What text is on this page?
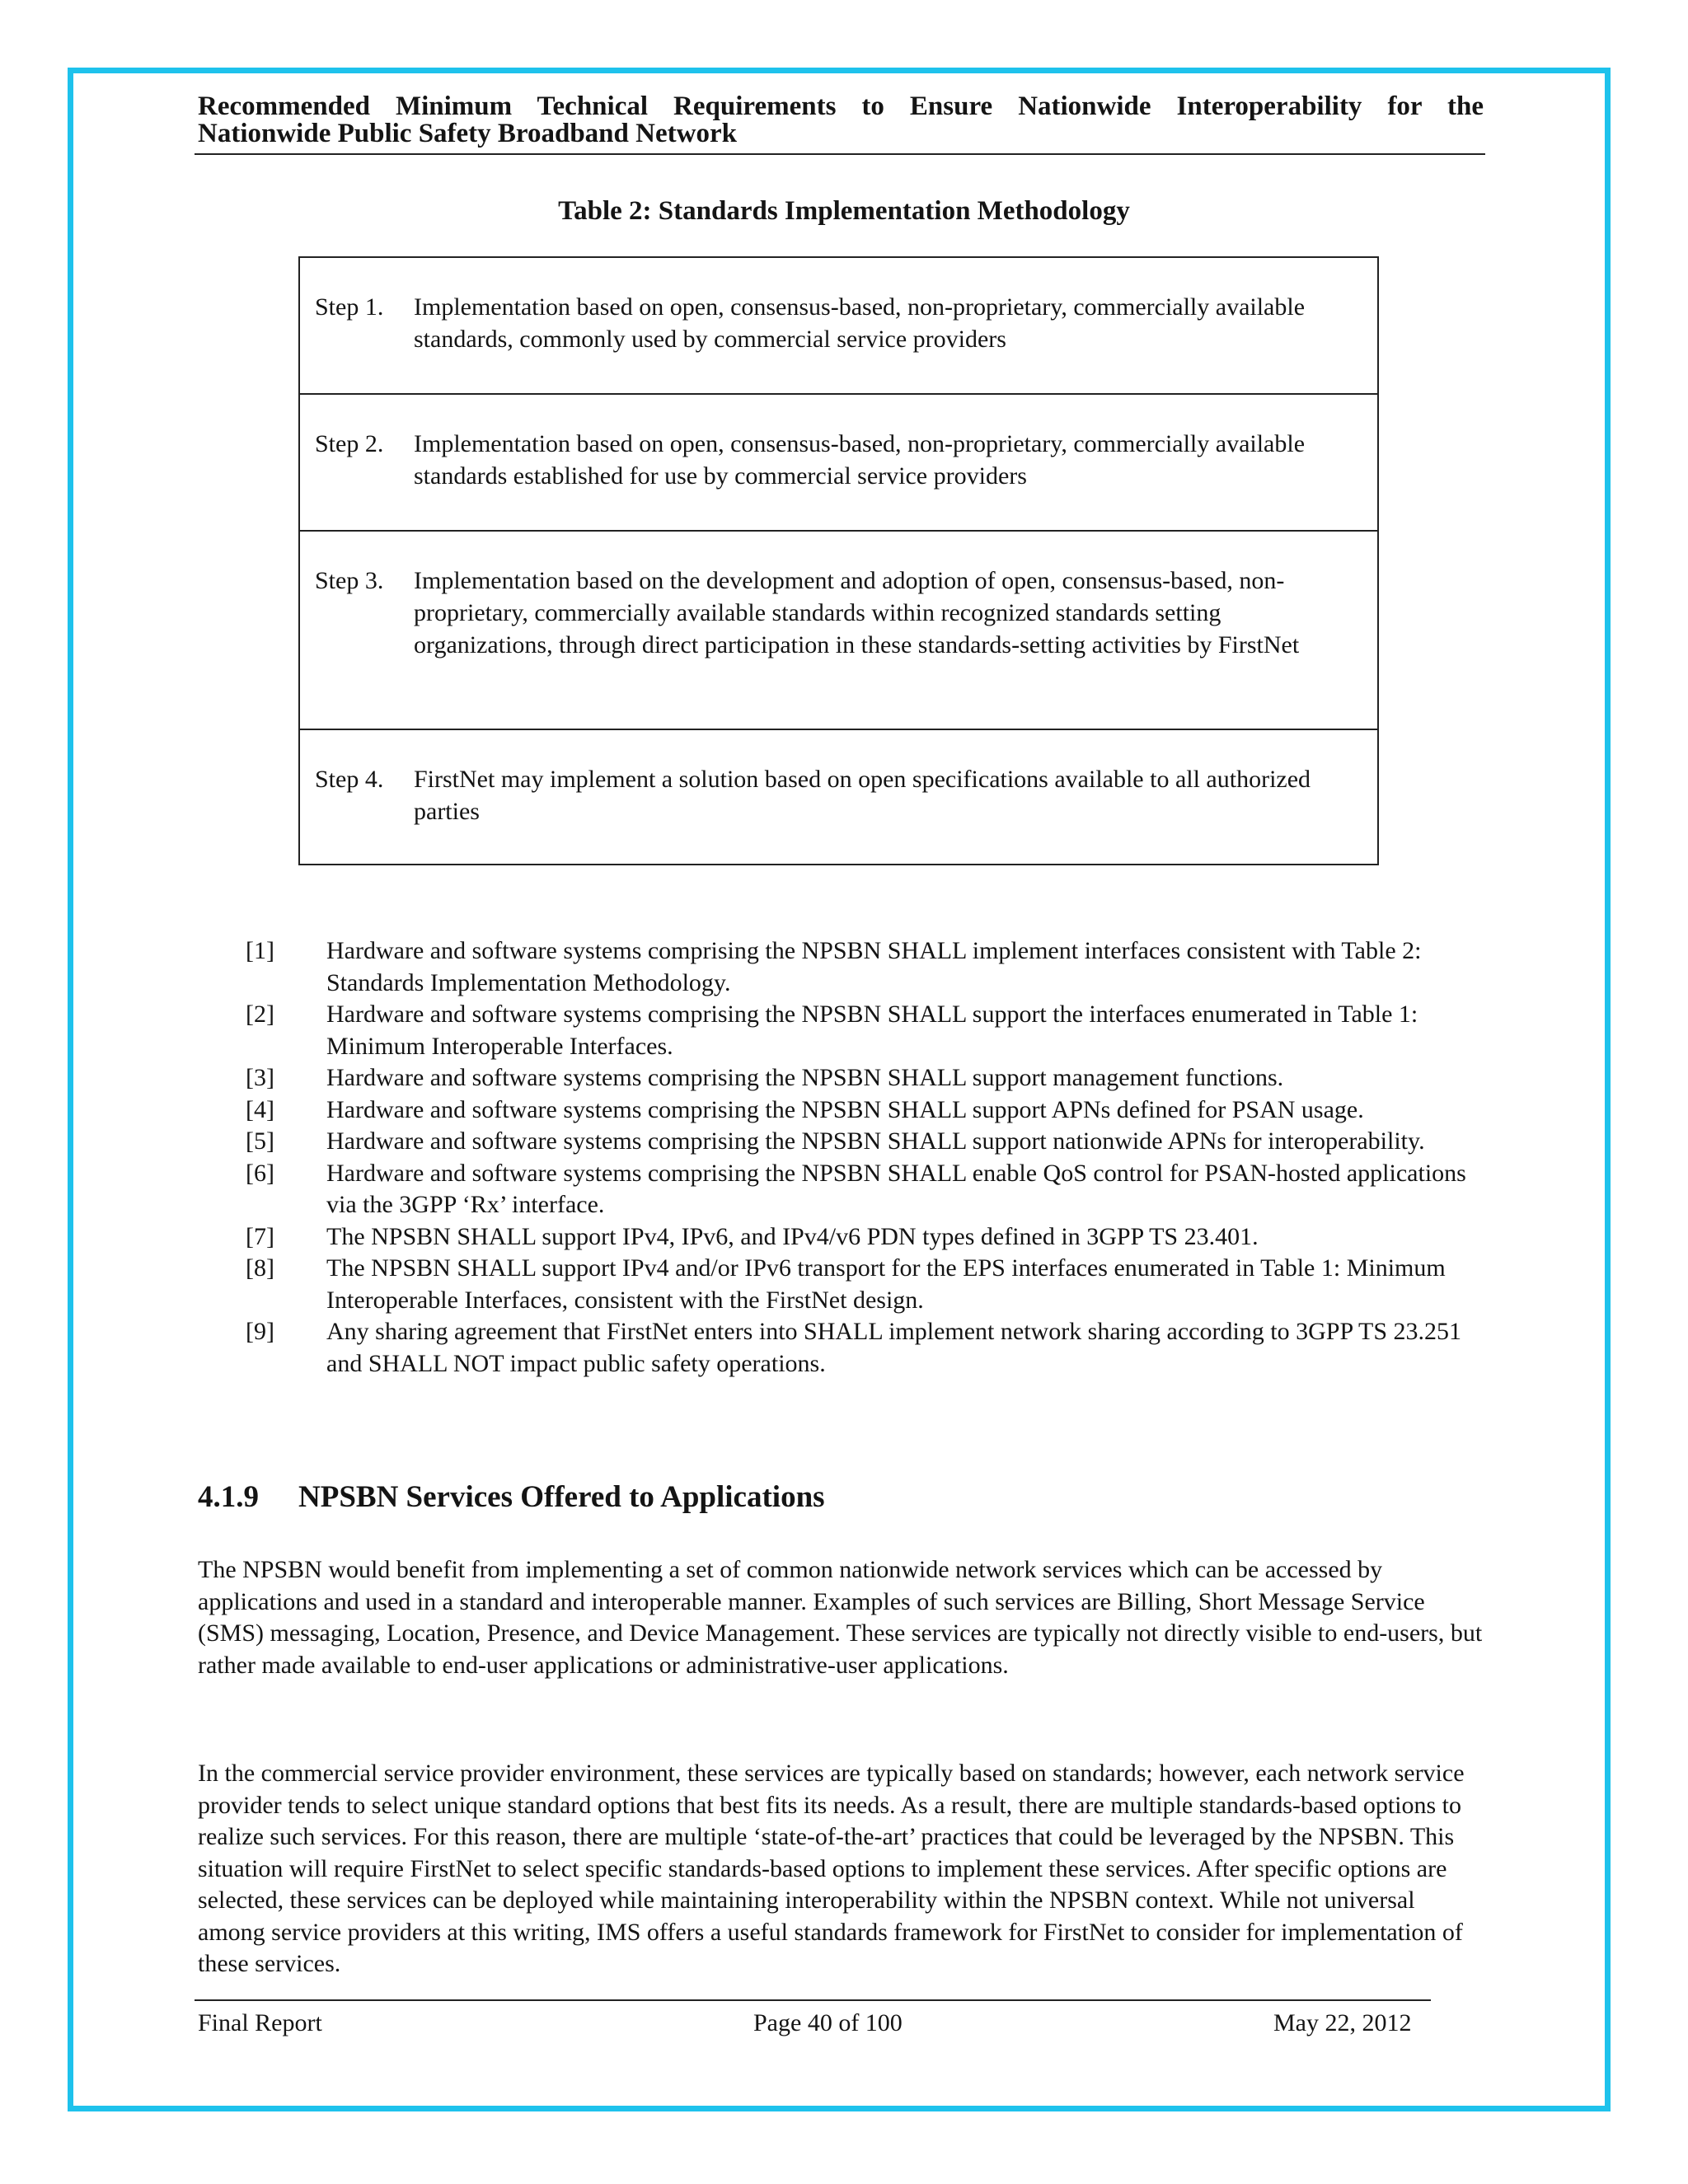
Recommended Minimum Technical Requirements to Ensure Nationwide Interoperability for the
Nationwide Public Safety Broadband Network
Table 2: Standards Implementation Methodology
Step 1. Implementation based on open, consensus-based, non-proprietary, commercially available standards, commonly used by commercial service providers
Step 2. Implementation based on open, consensus-based, non-proprietary, commercially available standards established for use by commercial service providers
Step 3. Implementation based on the development and adoption of open, consensus-based, non-proprietary, commercially available standards within recognized standards setting organizations, through direct participation in these standards-setting activities by FirstNet
Step 4. FirstNet may implement a solution based on open specifications available to all authorized parties
[1] Hardware and software systems comprising the NPSBN SHALL implement interfaces consistent with Table 2: Standards Implementation Methodology.
[2] Hardware and software systems comprising the NPSBN SHALL support the interfaces enumerated in Table 1: Minimum Interoperable Interfaces.
[3] Hardware and software systems comprising the NPSBN SHALL support management functions.
[4] Hardware and software systems comprising the NPSBN SHALL support APNs defined for PSAN usage.
[5] Hardware and software systems comprising the NPSBN SHALL support nationwide APNs for interoperability.
[6] Hardware and software systems comprising the NPSBN SHALL enable QoS control for PSAN-hosted applications via the 3GPP ‘Rx’ interface.
[7] The NPSBN SHALL support IPv4, IPv6, and IPv4/v6 PDN types defined in 3GPP TS 23.401.
[8] The NPSBN SHALL support IPv4 and/or IPv6 transport for the EPS interfaces enumerated in Table 1: Minimum Interoperable Interfaces, consistent with the FirstNet design.
[9] Any sharing agreement that FirstNet enters into SHALL implement network sharing according to 3GPP TS 23.251 and SHALL NOT impact public safety operations.
4.1.9 NPSBN Services Offered to Applications
The NPSBN would benefit from implementing a set of common nationwide network services which can be accessed by applications and used in a standard and interoperable manner. Examples of such services are Billing, Short Message Service (SMS) messaging, Location, Presence, and Device Management. These services are typically not directly visible to end-users, but rather made available to end-user applications or administrative-user applications.
In the commercial service provider environment, these services are typically based on standards; however, each network service provider tends to select unique standard options that best fits its needs. As a result, there are multiple standards-based options to realize such services. For this reason, there are multiple ‘state-of-the-art’ practices that could be leveraged by the NPSBN. This situation will require FirstNet to select specific standards-based options to implement these services. After specific options are selected, these services can be deployed while maintaining interoperability within the NPSBN context. While not universal among service providers at this writing, IMS offers a useful standards framework for FirstNet to consider for implementation of these services.
Final Report	Page 40 of 100	May 22, 2012
